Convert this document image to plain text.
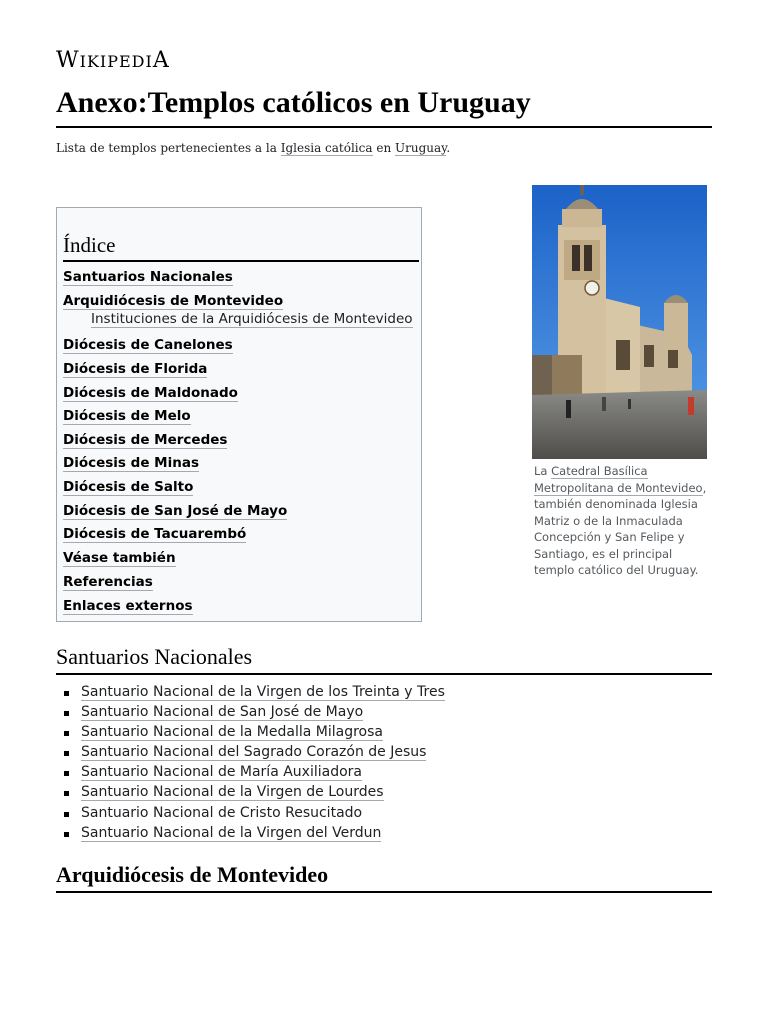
WIKIPEDIA
Anexo:Templos católicos en Uruguay
Lista de templos pertenecientes a la Iglesia católica en Uruguay.
Índice
Santuarios Nacionales
Arquidiócesis de Montevideo
Instituciones de la Arquidiócesis de Montevideo
Diócesis de Canelones
Diócesis de Florida
Diócesis de Maldonado
Diócesis de Melo
Diócesis de Mercedes
Diócesis de Minas
Diócesis de Salto
Diócesis de San José de Mayo
Diócesis de Tacuarembó
Véase también
Referencias
Enlaces externos
La Catedral Basílica Metropolitana de Montevideo, también denominada Iglesia Matriz o de la Inmaculada Concepción y San Felipe y Santiago, es el principal templo católico del Uruguay.
Santuarios Nacionales
Santuario Nacional de la Virgen de los Treinta y Tres
Santuario Nacional de San José de Mayo
Santuario Nacional de la Medalla Milagrosa
Santuario Nacional del Sagrado Corazón de Jesus
Santuario Nacional de María Auxiliadora
Santuario Nacional de la Virgen de Lourdes
Santuario Nacional de Cristo Resucitado
Santuario Nacional de la Virgen del Verdun
Arquidiócesis de Montevideo
